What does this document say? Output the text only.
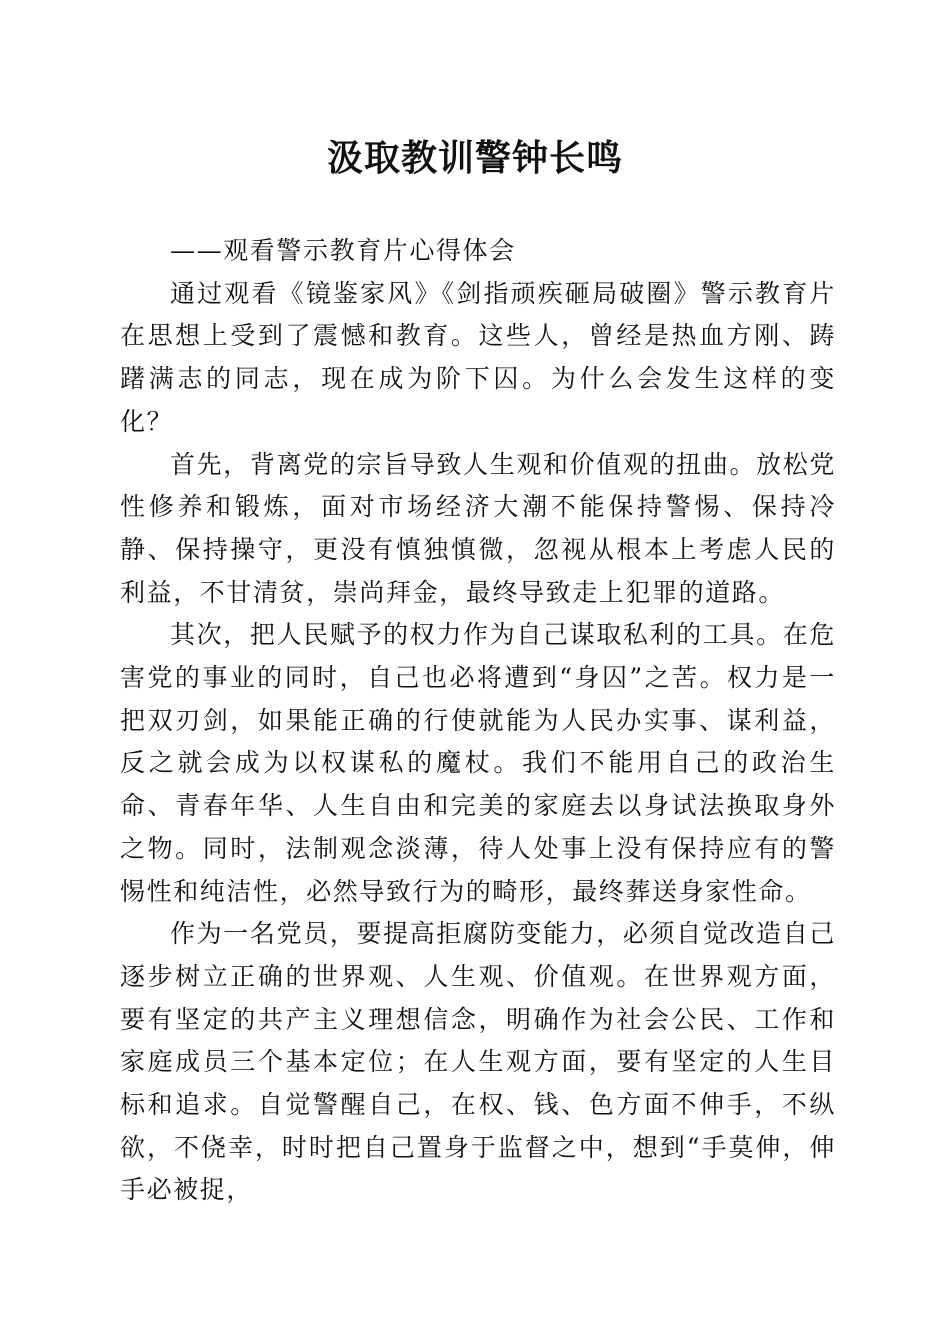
汲取教训警钟长鸣

——观看警示教育片心得体会

通过观看《镜鉴家风》《剑指顽疾砸局破圈》警示教育片在思想上受到了震憾和教育。这些人，曾经是热血方刚、踌躇满志的同志，现在成为阶下囚。为什么会发生这样的变化？

首先，背离党的宗旨导致人生观和价值观的扭曲。放松党性修养和锻炼，面对市场经济大潮不能保持警惕、保持冷静、保持操守，更没有慎独慎微，忽视从根本上考虑人民的利益，不甘清贫，崇尚拜金，最终导致走上犯罪的道路。

其次，把人民赋予的权力作为自己谋取私利的工具。在危害党的事业的同时，自己也必将遭到“身囚”之苦。权力是一把双刃剑，如果能正确的行使就能为人民办实事、谋利益，反之就会成为以权谋私的魔杖。我们不能用自己的政治生命、青春年华、人生自由和完美的家庭去以身试法换取身外之物。同时，法制观念淡薄，待人处事上没有保持应有的警惕性和纯洁性，必然导致行为的畸形，最终葬送身家性命。

作为一名党员，要提高拒腐防变能力，必须自觉改造自己逐步树立正确的世界观、人生观、价值观。在世界观方面，要有坚定的共产主义理想信念，明确作为社会公民、工作和家庭成员三个基本定位；在人生观方面，要有坚定的人生目标和追求。自觉警醒自己，在权、钱、色方面不伸手，不纵欲，不侥幸，时时把自己置身于监督之中，想到“手莫伸，伸手必被捉，
